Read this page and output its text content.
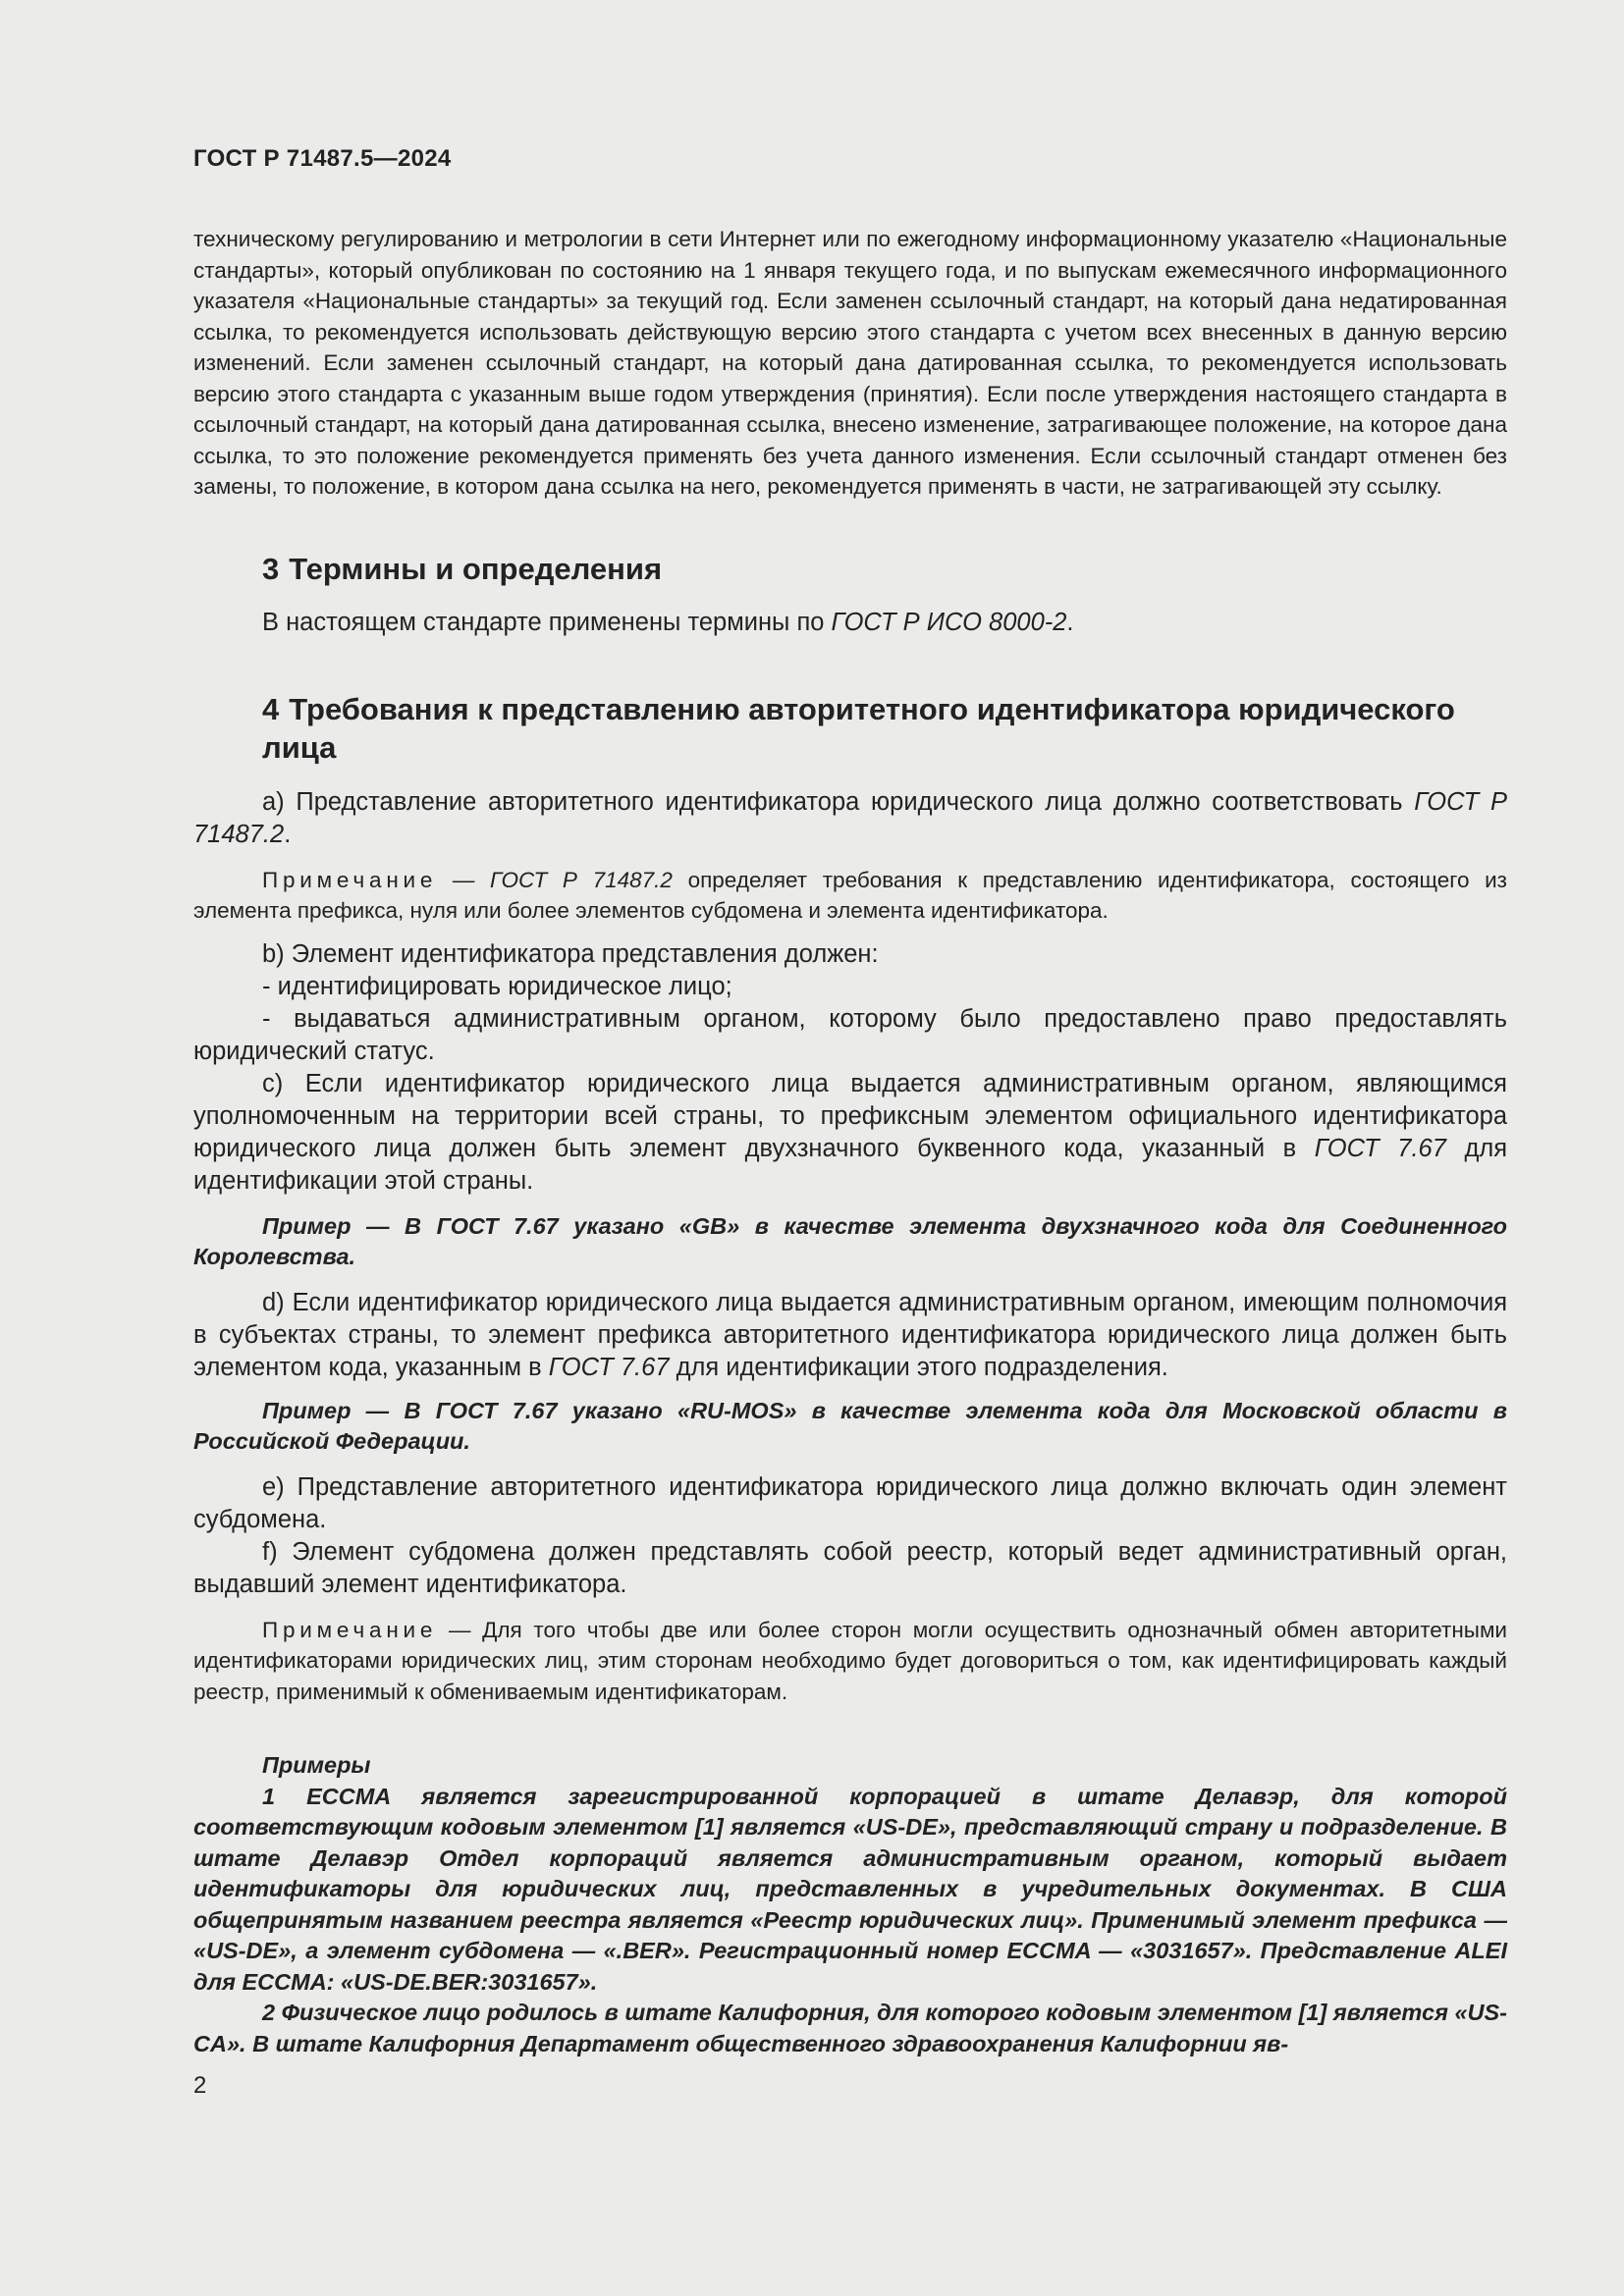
ГОСТ Р 71487.5—2024

техническому регулированию и метрологии в сети Интернет или по ежегодному информационному указателю «Национальные стандарты», который опубликован по состоянию на 1 января текущего года, и по выпускам ежемесячного информационного указателя «Национальные стандарты» за текущий год. Если заменен ссылочный стандарт, на который дана недатированная ссылка, то рекомендуется использовать действующую версию этого стандарта с учетом всех внесенных в данную версию изменений. Если заменен ссылочный стандарт, на который дана датированная ссылка, то рекомендуется использовать версию этого стандарта с указанным выше годом утверждения (принятия). Если после утверждения настоящего стандарта в ссылочный стандарт, на который дана датированная ссылка, внесено изменение, затрагивающее положение, на которое дана ссылка, то это положение рекомендуется применять без учета данного изменения. Если ссылочный стандарт отменен без замены, то положение, в котором дана ссылка на него, рекомендуется применять в части, не затрагивающей эту ссылку.

3 Термины и определения

В настоящем стандарте применены термины по ГОСТ Р ИСО 8000-2.

4 Требования к представлению авторитетного идентификатора юридического лица

a) Представление авторитетного идентификатора юридического лица должно соответствовать ГОСТ Р 71487.2.

Примечание — ГОСТ Р 71487.2 определяет требования к представлению идентификатора, состоящего из элемента префикса, нуля или более элементов субдомена и элемента идентификатора.

b) Элемент идентификатора представления должен:

- идентифицировать юридическое лицо;

- выдаваться административным органом, которому было предоставлено право предоставлять юридический статус.

c) Если идентификатор юридического лица выдается административным органом, являющимся уполномоченным на территории всей страны, то префиксным элементом официального идентификатора юридического лица должен быть элемент двухзначного буквенного кода, указанный в ГОСТ 7.67 для идентификации этой страны.

Пример — В ГОСТ 7.67 указано «GB» в качестве элемента двухзначного кода для Соединенного Королевства.

d) Если идентификатор юридического лица выдается административным органом, имеющим полномочия в субъектах страны, то элемент префикса авторитетного идентификатора юридического лица должен быть элементом кода, указанным в ГОСТ 7.67 для идентификации этого подразделения.

Пример — В ГОСТ 7.67 указано «RU-MOS» в качестве элемента кода для Московской области в Российской Федерации.

e) Представление авторитетного идентификатора юридического лица должно включать один элемент субдомена.

f) Элемент субдомена должен представлять собой реестр, который ведет административный орган, выдавший элемент идентификатора.

Примечание — Для того чтобы две или более сторон могли осуществить однозначный обмен авторитетными идентификаторами юридических лиц, этим сторонам необходимо будет договориться о том, как идентифицировать каждый реестр, применимый к обмениваемым идентификаторам.

Примеры

1 ECCMA является зарегистрированной корпорацией в штате Делавэр, для которой соответствующим кодовым элементом [1] является «US-DE», представляющий страну и подразделение. В штате Делавэр Отдел корпораций является административным органом, который выдает идентификаторы для юридических лиц, представленных в учредительных документах. В США общепринятым названием реестра является «Реестр юридических лиц». Применимый элемент префикса — «US-DE», а элемент субдомена — «.BER». Регистрационный номер ECCMA — «3031657». Представление ALEI для ECCMA: «US-DE.BER:3031657».

2 Физическое лицо родилось в штате Калифорния, для которого кодовым элементом [1] является «US-CA». В штате Калифорния Департамент общественного здравоохранения Калифорнии яв-

2
